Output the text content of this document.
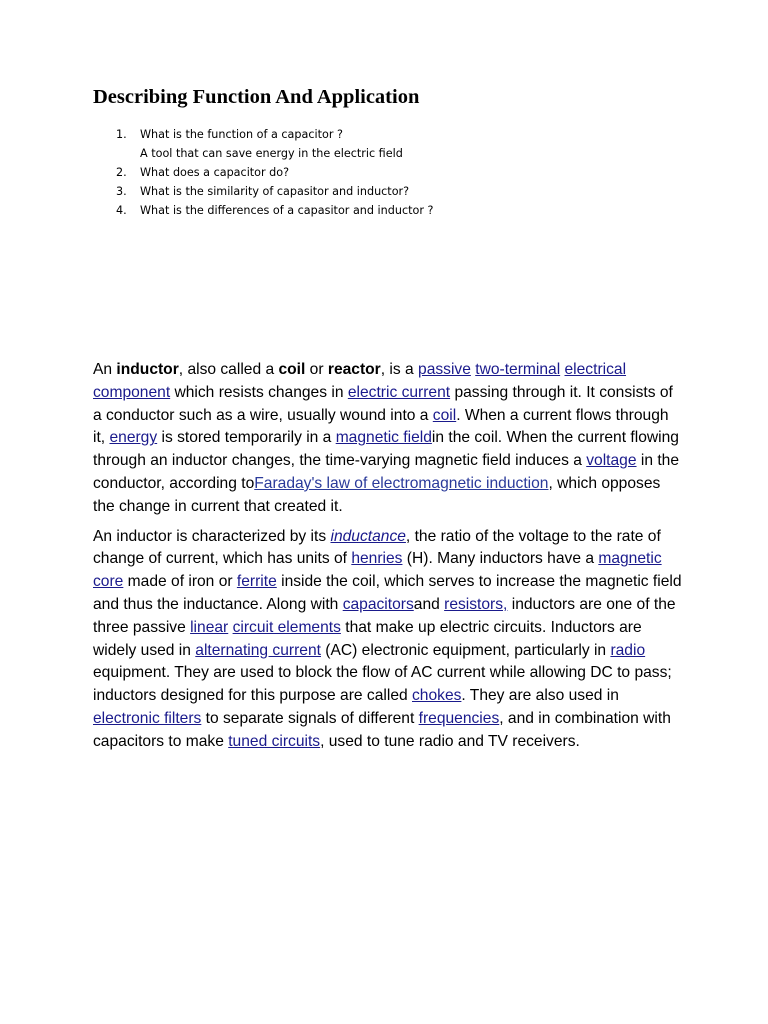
Describing Function And Application
1. What is the function of a capacitor ?
A tool that can save energy in the electric field
2. What does a capacitor do?
3. What is the similarity of capasitor and inductor?
4. What is the differences of a capasitor and inductor ?

An inductor, also called a coil or reactor, is a passive two-terminal electrical component which resists changes in electric current passing through it. It consists of a conductor such as a wire, usually wound into a coil. When a current flows through it, energy is stored temporarily in a magnetic fieldin the coil. When the current flowing through an inductor changes, the time-varying magnetic field induces a voltage in the conductor, according toFaraday's law of electromagnetic induction, which opposes the change in current that created it.

An inductor is characterized by its inductance, the ratio of the voltage to the rate of change of current, which has units of henries (H). Many inductors have a magnetic core made of iron or ferrite inside the coil, which serves to increase the magnetic field and thus the inductance. Along with capacitorsand resistors, inductors are one of the three passive linear circuit elements that make up electric circuits. Inductors are widely used in alternating current (AC) electronic equipment, particularly in radio equipment. They are used to block the flow of AC current while allowing DC to pass; inductors designed for this purpose are called chokes. They are also used in electronic filters to separate signals of different frequencies, and in combination with capacitors to make tuned circuits, used to tune radio and TV receivers.
